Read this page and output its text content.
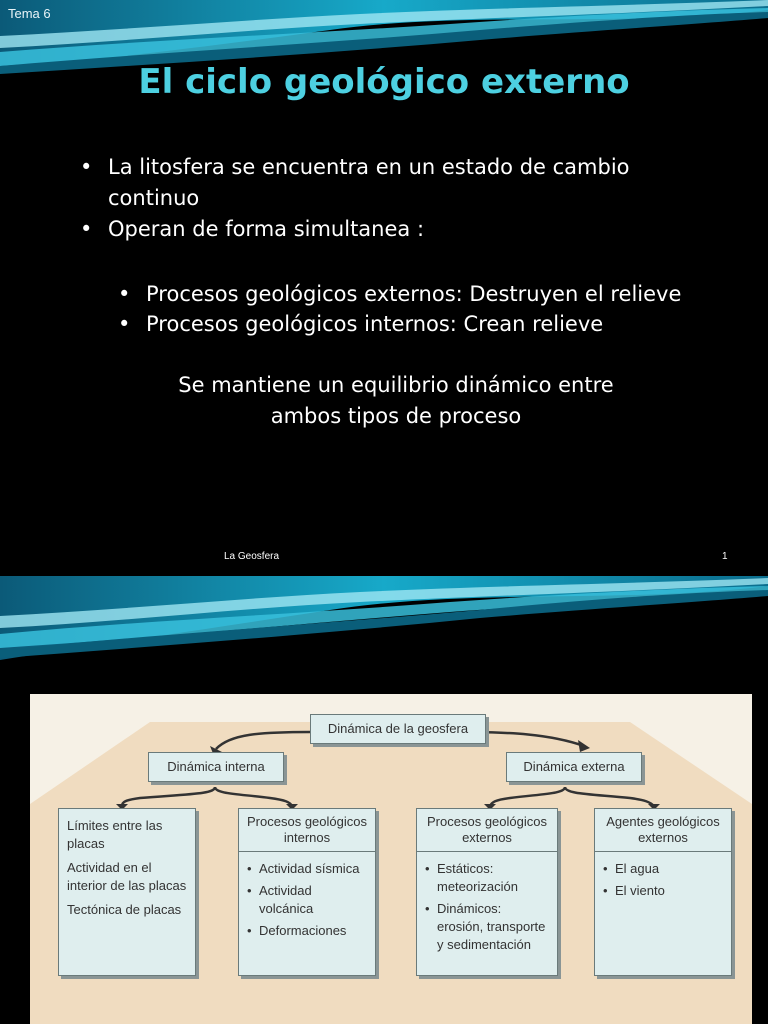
Tema 6
El ciclo geológico externo
• La litosfera se encuentra en un estado de cambio continuo
• Operan de forma simultanea :
• Procesos geológicos externos: Destruyen el relieve
• Procesos geológicos internos: Crean relieve
Se mantiene un equilibrio dinámico entre
ambos tipos de proceso
La Geosfera	1
Dinámica de la geosfera
Dinámica interna	Dinámica externa
Límites entre las placas
Actividad en el interior de las placas
Tectónica de placas
Procesos geológicos internos
• Actividad sísmica
• Actividad volcánica
• Deformaciones
Procesos geológicos externos
• Estáticos: meteorización
• Dinámicos: erosión, transporte y sedimentación
Agentes geológicos externos
• El agua
• El viento
